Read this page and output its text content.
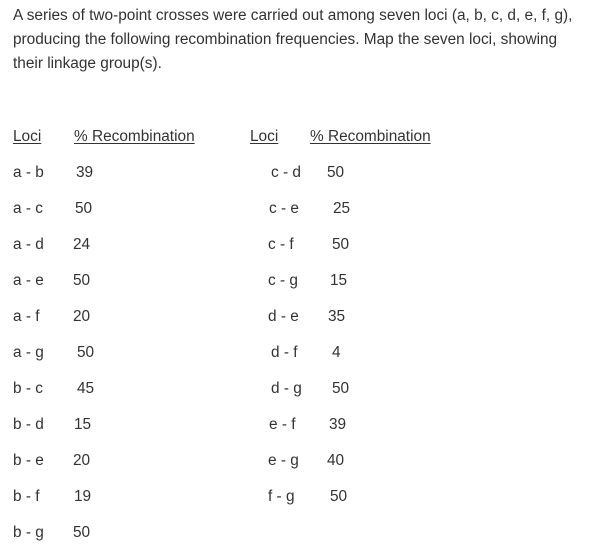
A series of two-point crosses were carried out among seven loci (a, b, c, d, e, f, g), producing the following recombination frequencies. Map the seven loci, showing their linkage group(s).

Loci % Recombination
a - b 39
a - c 50
a - d 24
a - e 50
a - f 20
a - g 50
b - c 45
b - d 15
b - e 20
b - f 19
b - g 50
Loci % Recombination
c - d 50
c - e 25
c - f 50
c - g 15
d - e 35
d - f 4
d - g 50
e - f 39
e - g 40
f - g 50
